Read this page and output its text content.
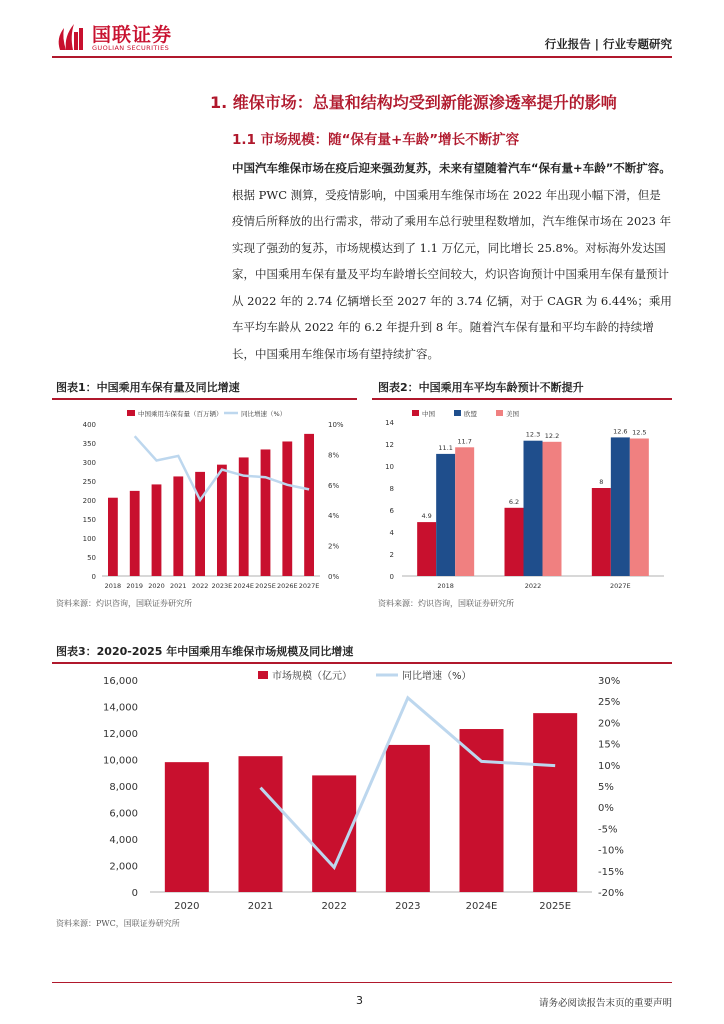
国联证券
GUOLIAN SECURITIES	行业报告 | 行业专题研究
1. 维保市场：总量和结构均受到新能源渗透率提升的影响
1.1 市场规模：随“保有量+车龄”增长不断扩容
中国汽车维保市场在疫后迎来强劲复苏，未来有望随着汽车“保有量+车龄”不断扩容。根据 PWC 测算，受疫情影响，中国乘用车维保市场在 2022 年出现小幅下滑，但是疫情后所释放的出行需求，带动了乘用车总行驶里程数增加，汽车维保市场在 2023 年实现了强劲的复苏，市场规模达到了 1.1 万亿元，同比增长 25.8%。对标海外发达国家，中国乘用车保有量及平均车龄增长空间较大，灼识咨询预计中国乘用车保有量预计从 2022 年的 2.74 亿辆增长至 2027 年的 3.74 亿辆，对于 CAGR 为 6.44%；乘用车平均车龄从 2022 年的 6.2 年提升到 8 年。随着汽车保有量和平均车龄的持续增长，中国乘用车维保市场有望持续扩容。
图表1：中国乘用车保有量及同比增速
0
50
100
150
200
250
300
350
400
0%
2%
4%
6%
8%
10%
2018 2019 2020 2021 2022 2023E 2024E 2025E 2026E 2027E
中国乘用车保有量（百万辆）	同比增速（%）
资料来源：灼识咨询，国联证券研究所
图表2：中国乘用车平均车龄预计不断提升
0
2
4
6
8
10
12
14
4.9
11.1
11.7
2018
6.2
12.3 12.2
2022
8
12.6 12.5
2027E
中国	欧盟	美国
资料来源：灼识咨询，国联证券研究所
图表3：2020-2025 年中国乘用车维保市场规模及同比增速
0
2,000
4,000
6,000
8,000
10,000
12,000
14,000
16,000
-20%
-15%
-10%
-5%
0%
5%
10%
15%
20%
25%
30%
2020	2021	2022	2023	2024E	2025E
市场规模（亿元）	同比增速（%）
资料来源：PWC，国联证券研究所
3	请务必阅读报告末页的重要声明
